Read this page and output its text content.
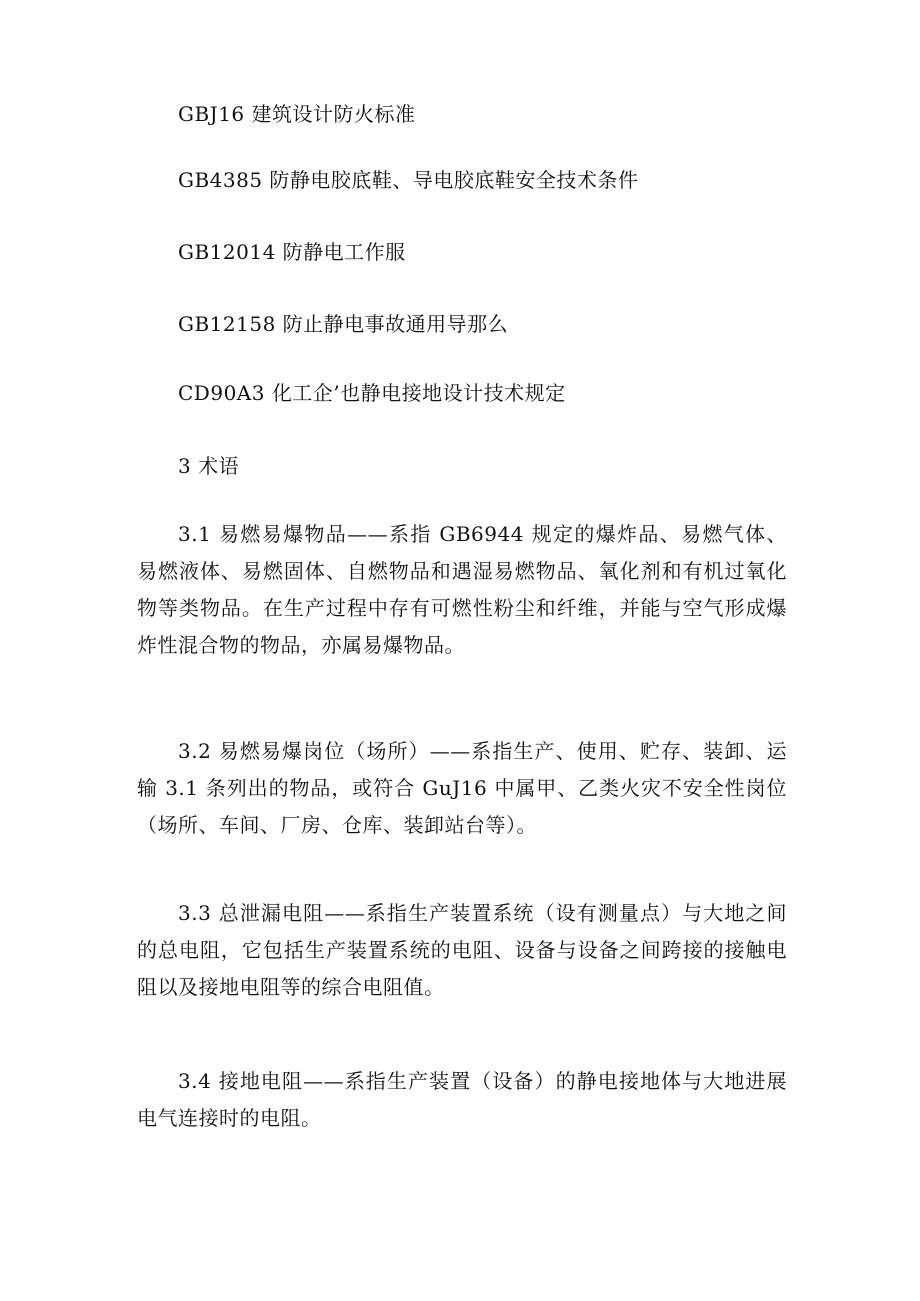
GBJ16 建筑设计防火标准
GB4385 防静电胶底鞋、导电胶底鞋安全技术条件
GB12014 防静电工作服
GB12158 防止静电事故通用导那么
CD90A3 化工企’也静电接地设计技术规定
3 术语
3.1 易燃易爆物品——系指 GB6944 规定的爆炸品、易燃气体、易燃液体、易燃固体、自燃物品和遇湿易燃物品、氧化剂和有机过氧化物等类物品。在生产过程中存有可燃性粉尘和纤维，并能与空气形成爆炸性混合物的物品，亦属易爆物品。
3.2 易燃易爆岗位（场所）——系指生产、使用、贮存、装卸、运输 3.1 条列出的物品，或符合 GuJ16 中属甲、乙类火灾不安全性岗位（场所、车间、厂房、仓库、装卸站台等）。
3.3 总泄漏电阻——系指生产装置系统（设有测量点）与大地之间的总电阻，它包括生产装置系统的电阻、设备与设备之间跨接的接触电阻以及接地电阻等的综合电阻值。
3.4 接地电阻——系指生产装置（设备）的静电接地体与大地进展电气连接时的电阻。
